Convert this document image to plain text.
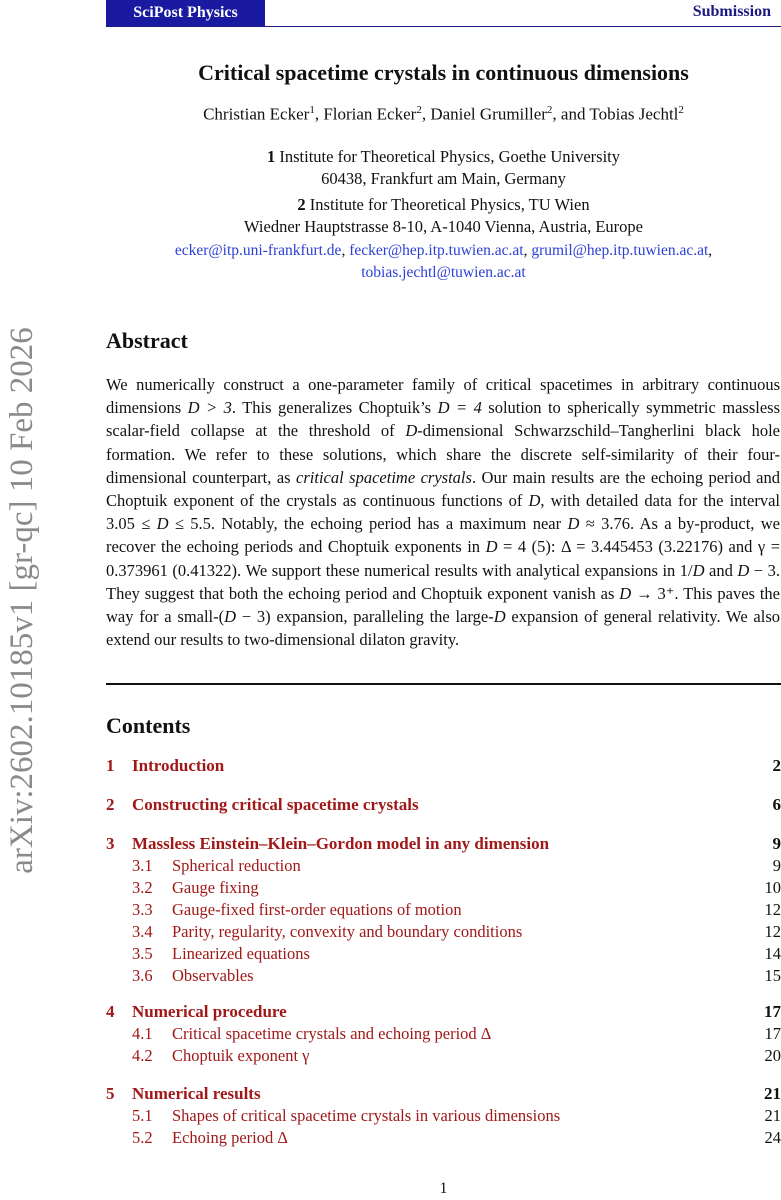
arXiv:2602.10185v1 [gr-qc] 10 Feb 2026
SciPost Physics	Submission
Critical spacetime crystals in continuous dimensions
Christian Ecker$^1$, Florian Ecker$^2$, Daniel Grumiller$^2$, and Tobias Jechtl$^2$
1 Institute for Theoretical Physics, Goethe University
60438, Frankfurt am Main, Germany
2 Institute for Theoretical Physics, TU Wien
Wiedner Hauptstrasse 8-10, A-1040 Vienna, Austria, Europe
ecker@itp.uni-frankfurt.de, fecker@hep.itp.tuwien.ac.at, grumil@hep.itp.tuwien.ac.at,
tobias.jechtl@tuwien.ac.at
Abstract
We numerically construct a one-parameter family of critical spacetimes in arbitrary continuous dimensions D > 3. This generalizes Choptuik’s D = 4 solution to spherically symmetric massless scalar-field collapse at the threshold of D-dimensional Schwarzschild–Tangherlini black hole formation. We refer to these solutions, which share the discrete self-similarity of their four-dimensional counterpart, as critical spacetime crystals. Our main results are the echoing period and Choptuik exponent of the crystals as continuous functions of D, with detailed data for the interval 3.05 ≤ D ≤ 5.5. Notably, the echoing period has a maximum near D ≈ 3.76. As a by-product, we recover the echoing periods and Choptuik exponents in D = 4 (5): Δ = 3.445453 (3.22176) and γ = 0.373961 (0.41322). We support these numerical results with analytical expansions in 1/D and D − 3. They suggest that both the echoing period and Choptuik exponent vanish as D → 3⁺. This paves the way for a small-(D − 3) expansion, paralleling the large-D expansion of general relativity. We also extend our results to two-dimensional dilaton gravity.
Contents
1 Introduction	2
2 Constructing critical spacetime crystals	6
3 Massless Einstein–Klein–Gordon model in any dimension	9
3.1 Spherical reduction	9
3.2 Gauge fixing	10
3.3 Gauge-fixed first-order equations of motion	12
3.4 Parity, regularity, convexity and boundary conditions	12
3.5 Linearized equations	14
3.6 Observables	15
4 Numerical procedure	17
4.1 Critical spacetime crystals and echoing period Δ	17
4.2 Choptuik exponent γ	20
5 Numerical results	21
5.1 Shapes of critical spacetime crystals in various dimensions	21
5.2 Echoing period Δ	24
1
